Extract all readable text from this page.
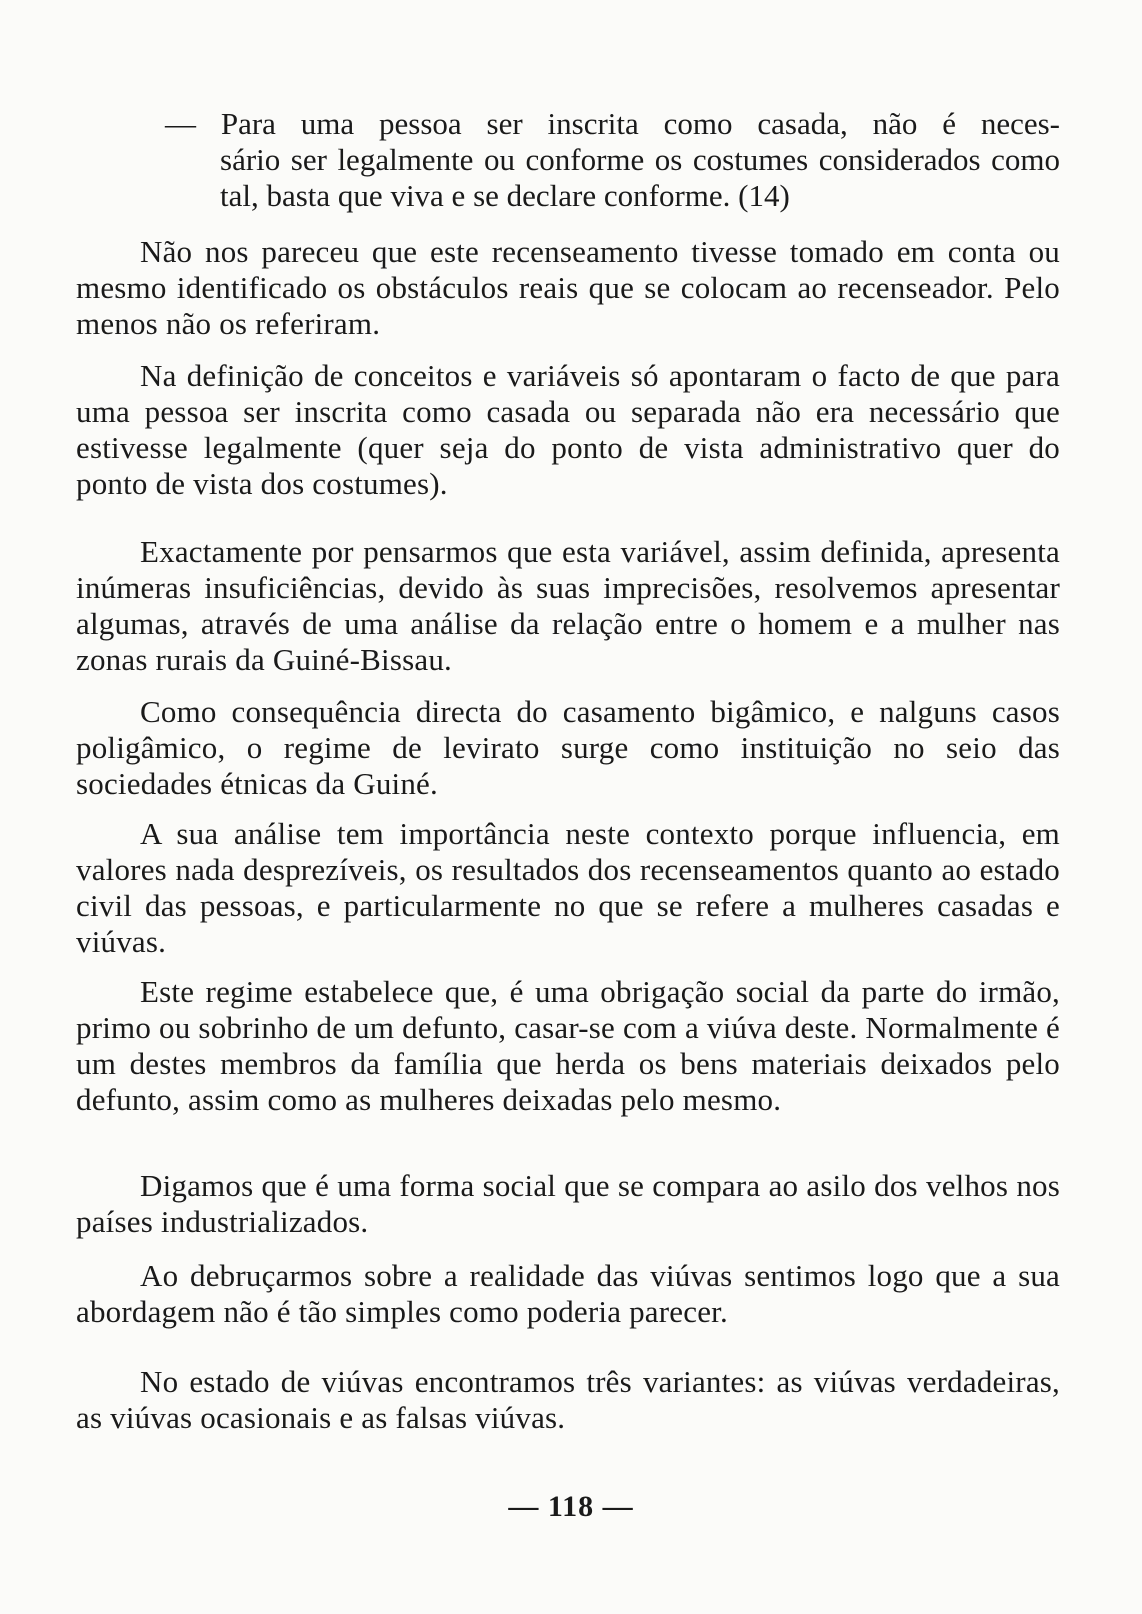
— Para uma pessoa ser inscrita como casada, não é neces-

sário ser legalmente ou conforme os costumes considerados como tal, basta que viva e se declare conforme. (14)

Não nos pareceu que este recenseamento tivesse tomado em conta ou mesmo identificado os obstáculos reais que se colocam ao recenseador. Pelo menos não os referiram.

Na definição de conceitos e variáveis só apontaram o facto de que para uma pessoa ser inscrita como casada ou separada não era necessário que estivesse legalmente (quer seja do ponto de vista administrativo quer do ponto de vista dos costumes).

Exactamente por pensarmos que esta variável, assim definida, apresenta inúmeras insuficiências, devido às suas imprecisões, resolvemos apresentar algumas, através de uma análise da relação entre o homem e a mulher nas zonas rurais da Guiné-Bissau.

Como consequência directa do casamento bigâmico, e nalguns casos poligâmico, o regime de levirato surge como instituição no seio das sociedades étnicas da Guiné.

A sua análise tem importância neste contexto porque influencia, em valores nada desprezíveis, os resultados dos recenseamentos quanto ao estado civil das pessoas, e particularmente no que se refere a mulheres casadas e viúvas.

Este regime estabelece que, é uma obrigação social da parte do irmão, primo ou sobrinho de um defunto, casar-se com a viúva deste. Normalmente é um destes membros da família que herda os bens materiais deixados pelo defunto, assim como as mulheres deixadas pelo mesmo.

Digamos que é uma forma social que se compara ao asilo dos velhos nos países industrializados.

Ao debruçarmos sobre a realidade das viúvas sentimos logo que a sua abordagem não é tão simples como poderia parecer.

No estado de viúvas encontramos três variantes: as viúvas verdadeiras, as viúvas ocasionais e as falsas viúvas.

— 118 —
